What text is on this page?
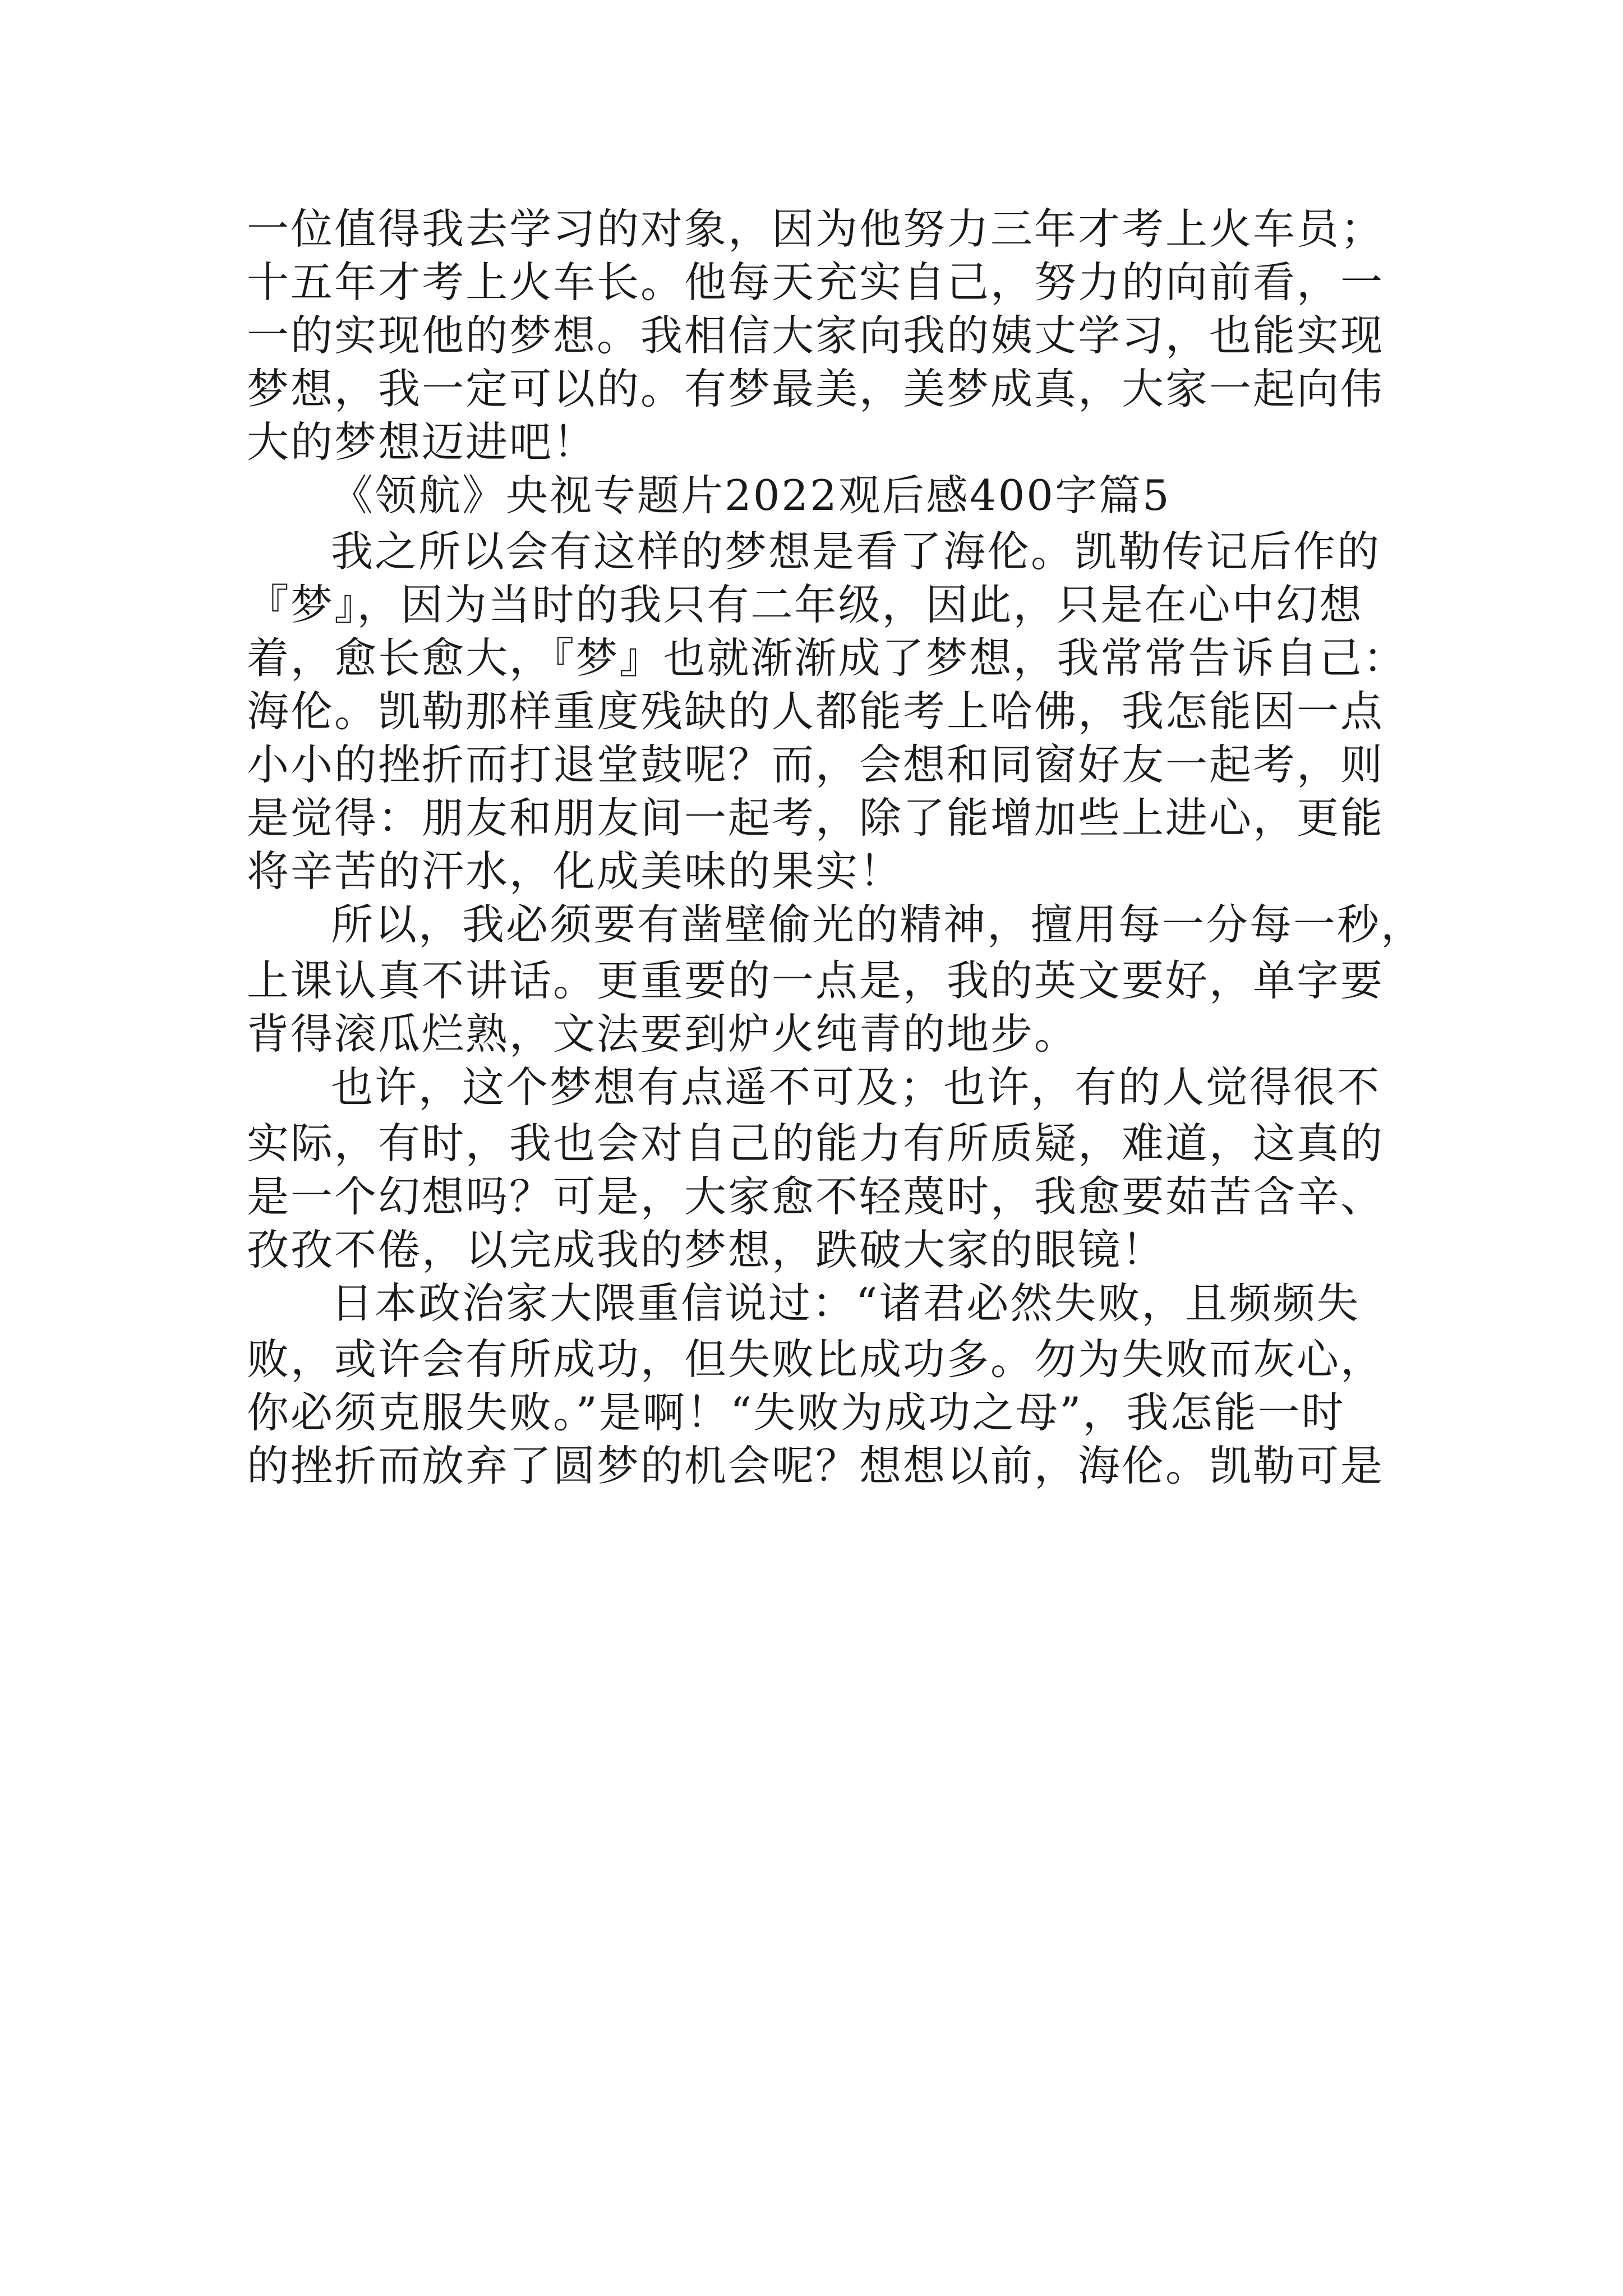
一位值得我去学习的对象，因为他努力三年才考上火车员；
十五年才考上火车长。他每天充实自己，努力的向前看，一
一的实现他的梦想。我相信大家向我的姨丈学习，也能实现
梦想，我一定可以的。有梦最美，美梦成真，大家一起向伟
大的梦想迈进吧！
《领航》央视专题片2022观后感400字篇5
我之所以会有这样的梦想是看了海伦。凯勒传记后作的
『梦』，因为当时的我只有二年级，因此，只是在心中幻想
着，愈长愈大，『梦』也就渐渐成了梦想，我常常告诉自己：
海伦。凯勒那样重度残缺的人都能考上哈佛，我怎能因一点
小小的挫折而打退堂鼓呢？而，会想和同窗好友一起考，则
是觉得：朋友和朋友间一起考，除了能增加些上进心，更能
将辛苦的汗水，化成美味的果实！
所以，我必须要有凿壁偷光的精神，擅用每一分每一秒，
上课认真不讲话。更重要的一点是，我的英文要好，单字要
背得滚瓜烂熟，文法要到炉火纯青的地步。
也许，这个梦想有点遥不可及；也许，有的人觉得很不
实际，有时，我也会对自己的能力有所质疑，难道，这真的
是一个幻想吗？可是，大家愈不轻蔑时，我愈要茹苦含辛、
孜孜不倦，以完成我的梦想，跌破大家的眼镜！
日本政治家大隈重信说过：“诸君必然失败，且频频失
败，或许会有所成功，但失败比成功多。勿为失败而灰心，
你必须克服失败。”是啊！“失败为成功之母”，我怎能一时
的挫折而放弃了圆梦的机会呢？想想以前，海伦。凯勒可是
